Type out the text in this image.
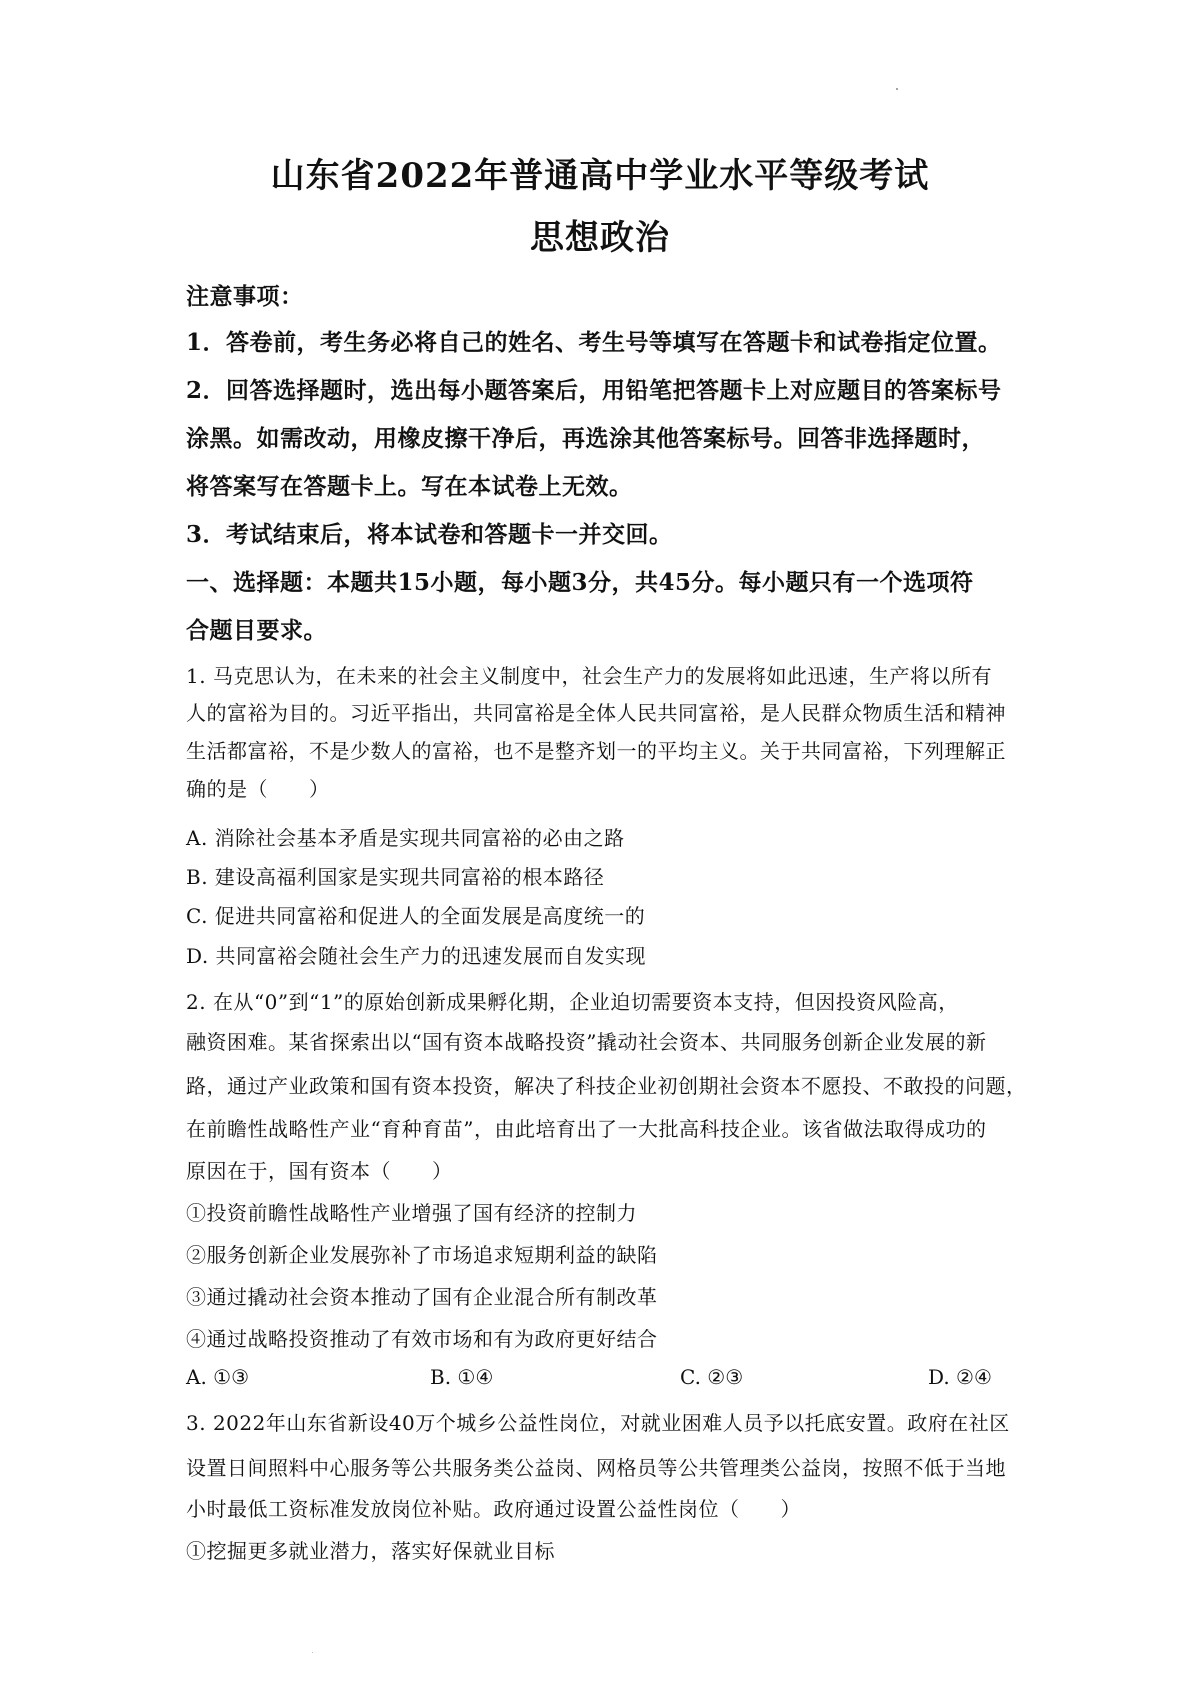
山东省2022年普通高中学业水平等级考试
思想政治
注意事项：
1．答卷前，考生务必将自己的姓名、考生号等填写在答题卡和试卷指定位置。
2．回答选择题时，选出每小题答案后，用铅笔把答题卡上对应题目的答案标号
涂黑。如需改动，用橡皮擦干净后，再选涂其他答案标号。回答非选择题时，
将答案写在答题卡上。写在本试卷上无效。
3．考试结束后，将本试卷和答题卡一并交回。
一、选择题：本题共15小题，每小题3分，共45分。每小题只有一个选项符
合题目要求。
1. 马克思认为，在未来的社会主义制度中，社会生产力的发展将如此迅速，生产将以所有
人的富裕为目的。习近平指出，共同富裕是全体人民共同富裕，是人民群众物质生活和精神
生活都富裕，不是少数人的富裕，也不是整齐划一的平均主义。关于共同富裕，下列理解正
确的是（　　）
A. 消除社会基本矛盾是实现共同富裕的必由之路
B. 建设高福利国家是实现共同富裕的根本路径
C. 促进共同富裕和促进人的全面发展是高度统一的
D. 共同富裕会随社会生产力的迅速发展而自发实现
2. 在从“0”到“1”的原始创新成果孵化期，企业迫切需要资本支持，但因投资风险高，
融资困难。某省探索出以“国有资本战略投资”撬动社会资本、共同服务创新企业发展的新
路，通过产业政策和国有资本投资，解决了科技企业初创期社会资本不愿投、不敢投的问题，
在前瞻性战略性产业“育种育苗”，由此培育出了一大批高科技企业。该省做法取得成功的
原因在于，国有资本（　　）
①投资前瞻性战略性产业增强了国有经济的控制力
②服务创新企业发展弥补了市场追求短期利益的缺陷
③通过撬动社会资本推动了国有企业混合所有制改革
④通过战略投资推动了有效市场和有为政府更好结合
A. ①③	B. ①④	C. ②③	D. ②④
3. 2022年山东省新设40万个城乡公益性岗位，对就业困难人员予以托底安置。政府在社区
设置日间照料中心服务等公共服务类公益岗、网格员等公共管理类公益岗，按照不低于当地
小时最低工资标准发放岗位补贴。政府通过设置公益性岗位（　　）
①挖掘更多就业潜力，落实好保就业目标
